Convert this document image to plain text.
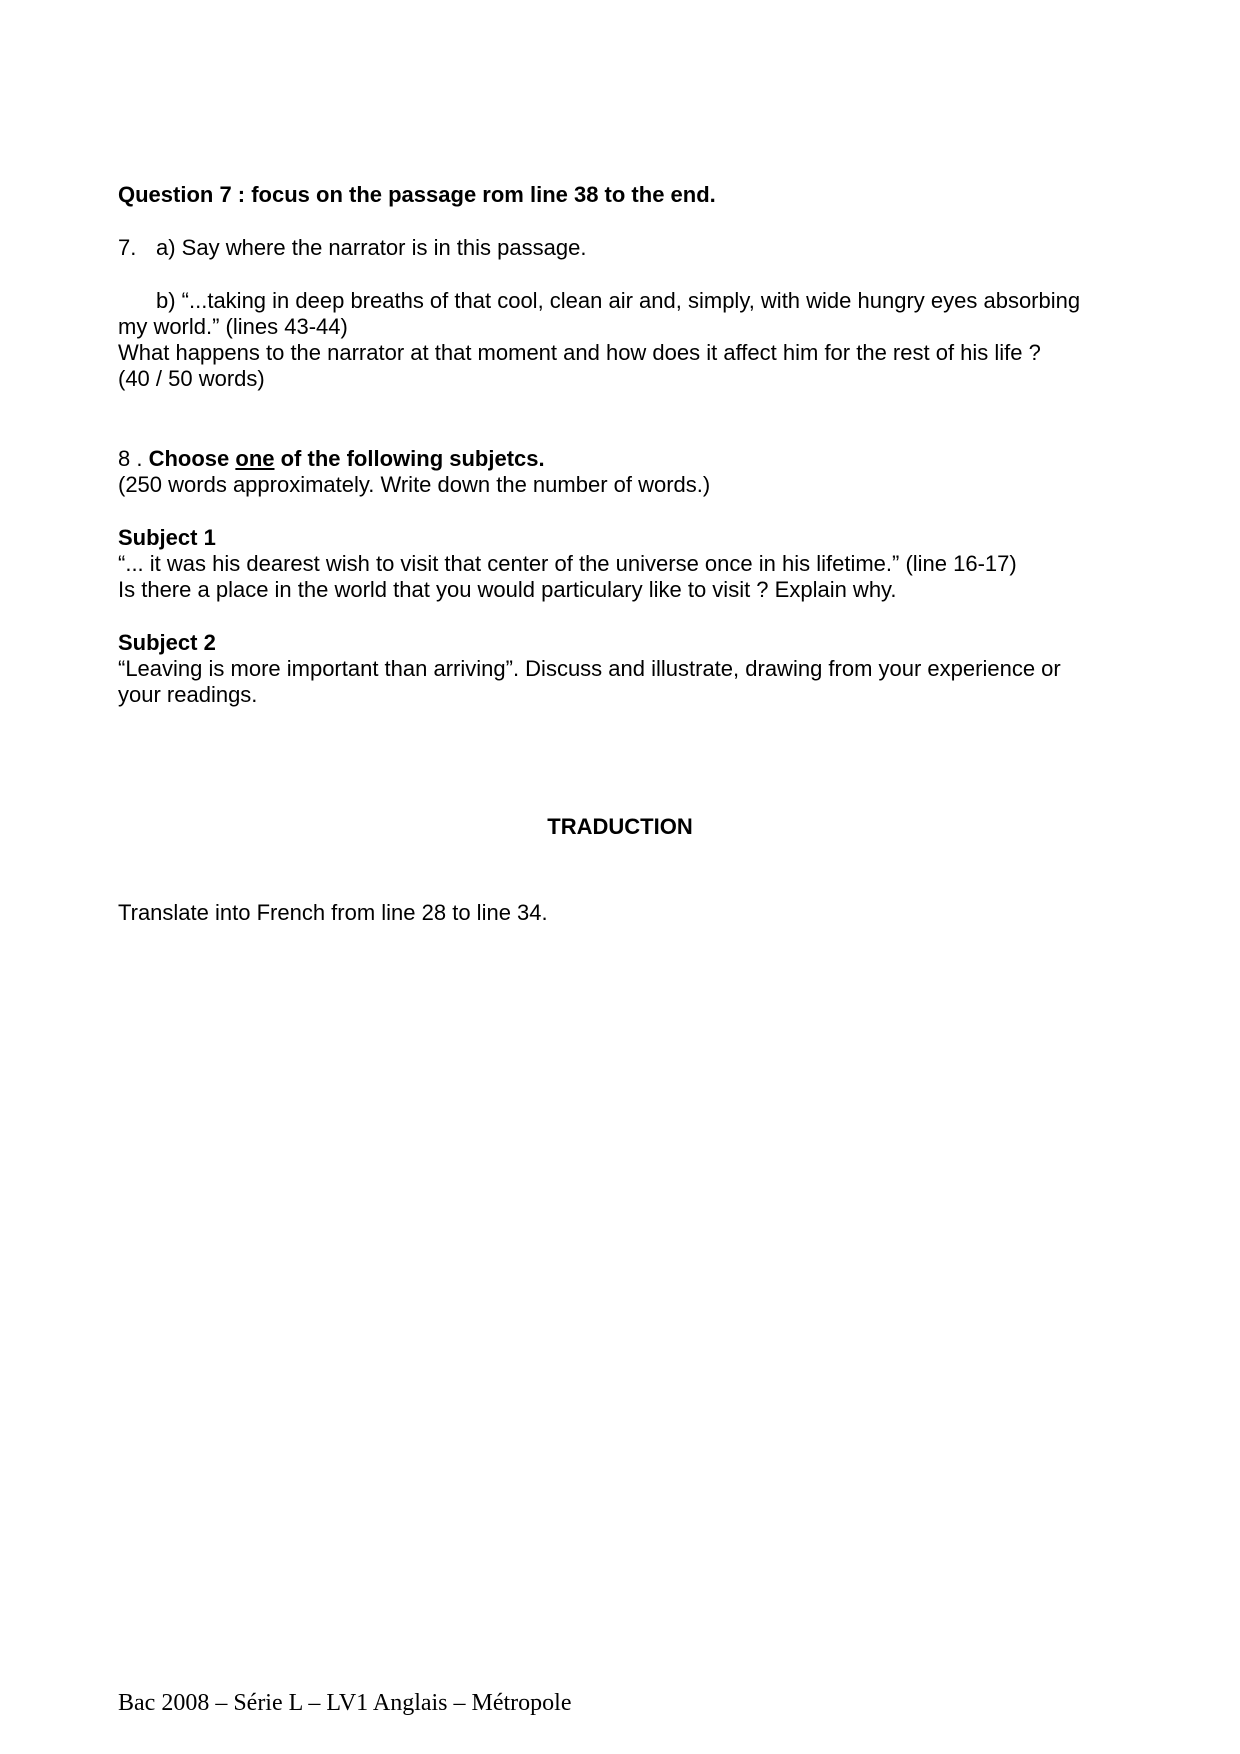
Question 7 : focus on the passage rom line 38 to the end.
7. a) Say where the narrator is in this passage.
b) “...taking in deep breaths of that cool, clean air and, simply, with wide hungry eyes absorbing
my world.” (lines 43-44)
What happens to the narrator at that moment and how does it affect him for the rest of his life ?
(40 / 50 words)
8 . Choose one of the following subjetcs.
(250 words approximately. Write down the number of words.)
Subject 1
“... it was his dearest wish to visit that center of the universe once in his lifetime.” (line 16-17)
Is there a place in the world that you would particulary like to visit ? Explain why.
Subject 2
“Leaving is more important than arriving”. Discuss and illustrate, drawing from your experience or
your readings.
TRADUCTION
Translate into French from line 28 to line 34.
Bac 2008 – Série L – LV1 Anglais – Métropole
